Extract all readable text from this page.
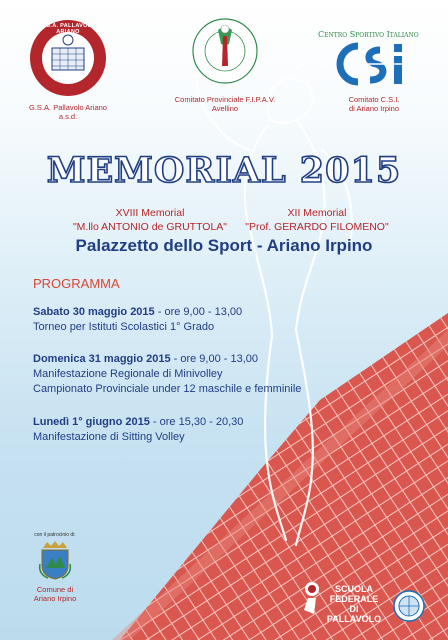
G.S.A. PALLAVOLO ARIANO
G.S.A. Pallavolo Ariano
a.s.d.
Comitato Provinciale F.I.P.A.V.
Avellino
Centro Sportivo Italiano
Comitato C.S.I.
di Ariano Irpino
MEMORIAL 2015
XVIII Memorial
"M.llo ANTONIO de GRUTTOLA"
XII Memorial
"Prof. GERARDO FILOMENO"
Palazzetto dello Sport - Ariano Irpino
PROGRAMMA
Sabato 30 maggio 2015 - ore 9,00 - 13,00
Torneo per Istituti Scolastici 1° Grado
Domenica 31 maggio 2015 - ore 9,00 - 13,00
Manifestazione Regionale di Minivolley
Campionato Provinciale under 12 maschile e femminile
Lunedì 1° giugno 2015 - ore 15,30 - 20,30
Manifestazione di Sitting Volley
con il patrocinio di:
Comune di
Ariano Irpino
SCUOLA
FEDERALE
DI PALLAVOLO
